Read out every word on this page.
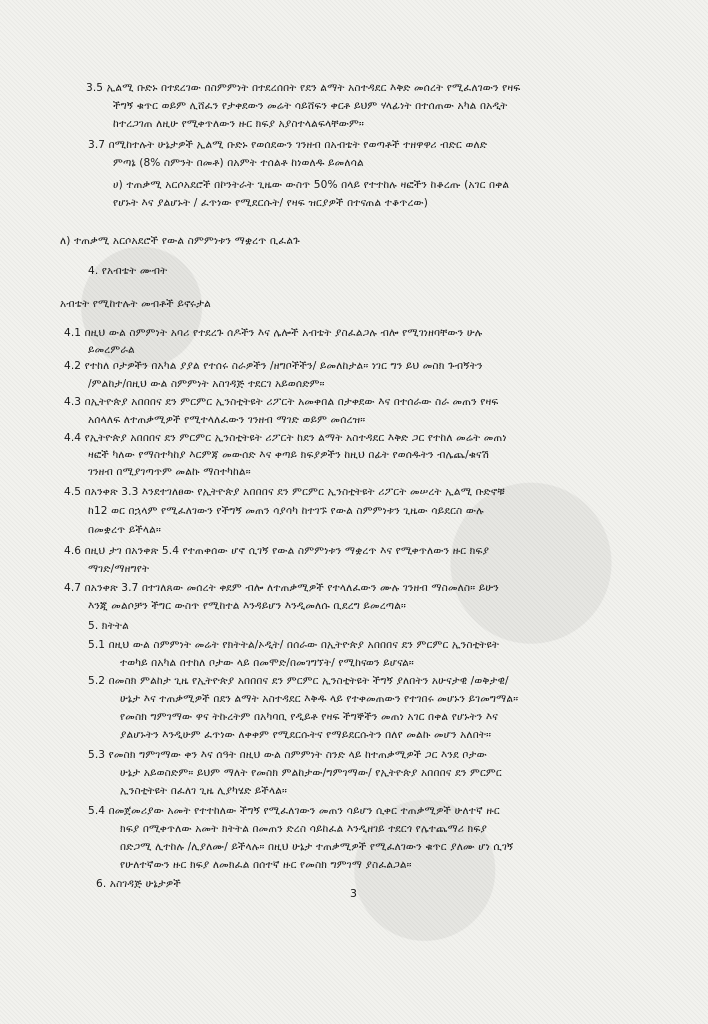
3.5 ኢልሚ ቡድኑ በተደረገው በስምምነት በተደረሰበት የደን ልማት አስተዳደር እቅድ መሰረት የሚፈለገውን የዛፍ
ችግኝ ቁጥር ወይም ሊሸፈን የታቀደውን መሬት ሳይሸፍን ቀርቶ ይህም ሃላፊነት በተሰጠው አካል በአዲት
ከተረጋገጠ ለዚሁ የሚቀጥለውን ዙር ክፍያ አያስተላልፍላቸውም።
3.7 በሚከተሉት ሁኔታዎች ኢልሚ ቡድኑ የወሰደውን ገንዘብ በአብቴት የወጣቶች ተዘዋዋሪ ብድር ወለድ
ምጣኔ (8% ስምንት በመቶ) በአምት ተሰልቶ ከነወለዱ ይመለሳል
ሀ) ተጠቃሚ አርሶአደሮች በኮንትራት ጊዜው ውስጥ 50% በላይ የተተከሉ ዛፎችን ከቆረጡ (አገር በቀል
የሆኑት እና ያልሆኑት / ፈጥነው የሚደርሱት/ የዛፍ ዝርያዎች በተናጠል ተቆጥረው)
ለ) ተጠቃሚ አርሶአደሮች የውል ስምምነቱን ማቋረጥ ቢፈልጉ
4. የአብቴት ሙብት
አብቴት የሚከተሉት መብቶች ይኖሩታል
4.1 በዚህ ውል ስምምነት አባሪ የተደረጉ ሰዶችን እና ሌሎች አብቴት ያስፈልጋሉ ብሎ የሚገነዘባቸውን ሁሉ
ይመረምራል
4.2 የተከለ ቦታዎችን በአካል ያያል የተሰሩ ስራዎችን /ዘግቦችችን/ ይመለከታል። ነገር ግን ይህ መስክ ጉብኝትን
/ምልከታ/በዚህ ውል ስምምነት አስገዳጅ ተደርገ አይወሰድም።
4.3 በኢትዮጵያ አበበበና ደን ምርምር ኢንስቲትዩት ሪፖርት አመቀበል በታቀደው እና በተሰራው ስራ መጠን የዛፍ
አሰላለፍ ለተጠቃሚዎች የሚተላለፈውን ገንዘብ ማገድ ወይም መሰረዝ።
4.4 የኢትዮጵያ አበበበና ደን ምርምር ኢንስቲትዩት ሪፖርት ከደን ልማት አስተዳደር እቅድ ጋር የተከለ መሬት መጠነ
ዛፎች ካለው የማስተካከያ እርምጃ መውሰድ እና ቀጣይ ክፍያዎችን ከዚህ በፊት የወሰዱትን ብሌጨ/ቁናሽ
ገንዘብ በሚያገጣጥም መልኩ ማስተካከል።
4.5 በአንቀጽ 3.3 እንደተገለፀው የኢትዮጵያ አበበበና ደን ምርምር ኢንስቲትዩት ሪፖርት መሠረት ኢልሚ ቡድኖቹ
ከ12 ወር በኋላም የሚፈለገውን የችግኝ መጠን ሳያሳካ ከተገኙ የውል ስምምነቱን ጊዜው ሳይደርስ ውሉ
በመቋረጥ ይችላል።
4.6 በዚህ ታገ በአንቀጽ 5.4 የተጠቀሰው ሆኖ ሲገኝ የውል ስምምነቱን ማቋረጥ እና የሚቀጥለውን ዙር ክፍያ
ማገድ/ማዘግየት
4.7 በአንቀጽ 3.7 በተገለጸው መሰረት ቀደም ብሎ ለተጠቃሚዎች የተላለፈውን ሙሉ ገንዘብ ማስመለስ። ይሁን
እንጂ መልሶቻን ችግር ውስጥ የሚከተል እንዳይሆን እንዲመለሱ ቢደረግ ይመረጣል።
5. ክትትል
5.1 በዚህ ውል ስምምነት መሬት የክትትል/ኦዲት/ በሰራው በኢትዮጵያ አበበበና ደን ምርምር ኢንስቲትዩት
ተወካይ በአካል በተከለ ቦታው ላይ በመሞድ/በመገግኘት/ የሚከናወን ይሆናል።
5.2 በመስክ ምልከታ ጊዜ የኢትዮጵያ አበበበና ደን ምርምር ኢንስቲትዩት ችግኝ ያለበትን አሁናታዊ /ወቅታዊ/
ሁኔታ እና ተጠቃሚዎች በደን ልማት አስተዳደር እቅዱ ላይ የተቀመጠውን የተገበሩ መሆኑን ይገመግማል።
የመስክ ግምገማው ዋና ትኩረትም በአካባቢ የዲይቶ የዛፍ ችግኞችን መጠነ አገር በቀል የሆኑትን እና
ያልሆኑትን እንዲሁም ፈጥነው ለቀቀም የሚደርሱትና የማይደርሱትን በለየ መልኩ መሆን አለበት።
5.3 የመስክ ግምገማው ቀን እና ሰዓት በዚህ ውል ስምምነት ስንድ ላይ ከተጠቃሚዎች ጋር እንደ ቦታው
ሁኔታ አይወስድም። ይህም ማለት የመስክ ምልከታው/ግምገማው/ የኢትዮጵያ አበበበና ደን ምርምር
ኢንስቲትዩት በፈለገ ጊዜ ሊያካሄድ ይችላል።
5.4 በመጀመሪያው አመት የተተከለው ችግኝ የሚፈለገውን መጠን ሳይሆን ሲቀር ተጠቃሚዎች ሁለተኛ ዙር
ክፍያ በሚቀጥለው አመት ክትትል በመጠን ድረስ ሳይከፈል እንዲዘገይ ተደርጎ የሌተጨማሪ ክፍያ
በድጋሚ ሊተከሉ /ሊያለሙ/ ይችላሉ። በዚህ ሁኔታ ተጠቃሚዎች የሚፈለገውን ቁጥር ያለሙ ሆነ ሲገኝ
የሁለተኛውን ዙር ክፍያ ለመክፈል በሰተኛ ዙር የመስክ ግምገማ ያስፈልጋል።
6. አስገዳጅ ሁኔታዎች
3
